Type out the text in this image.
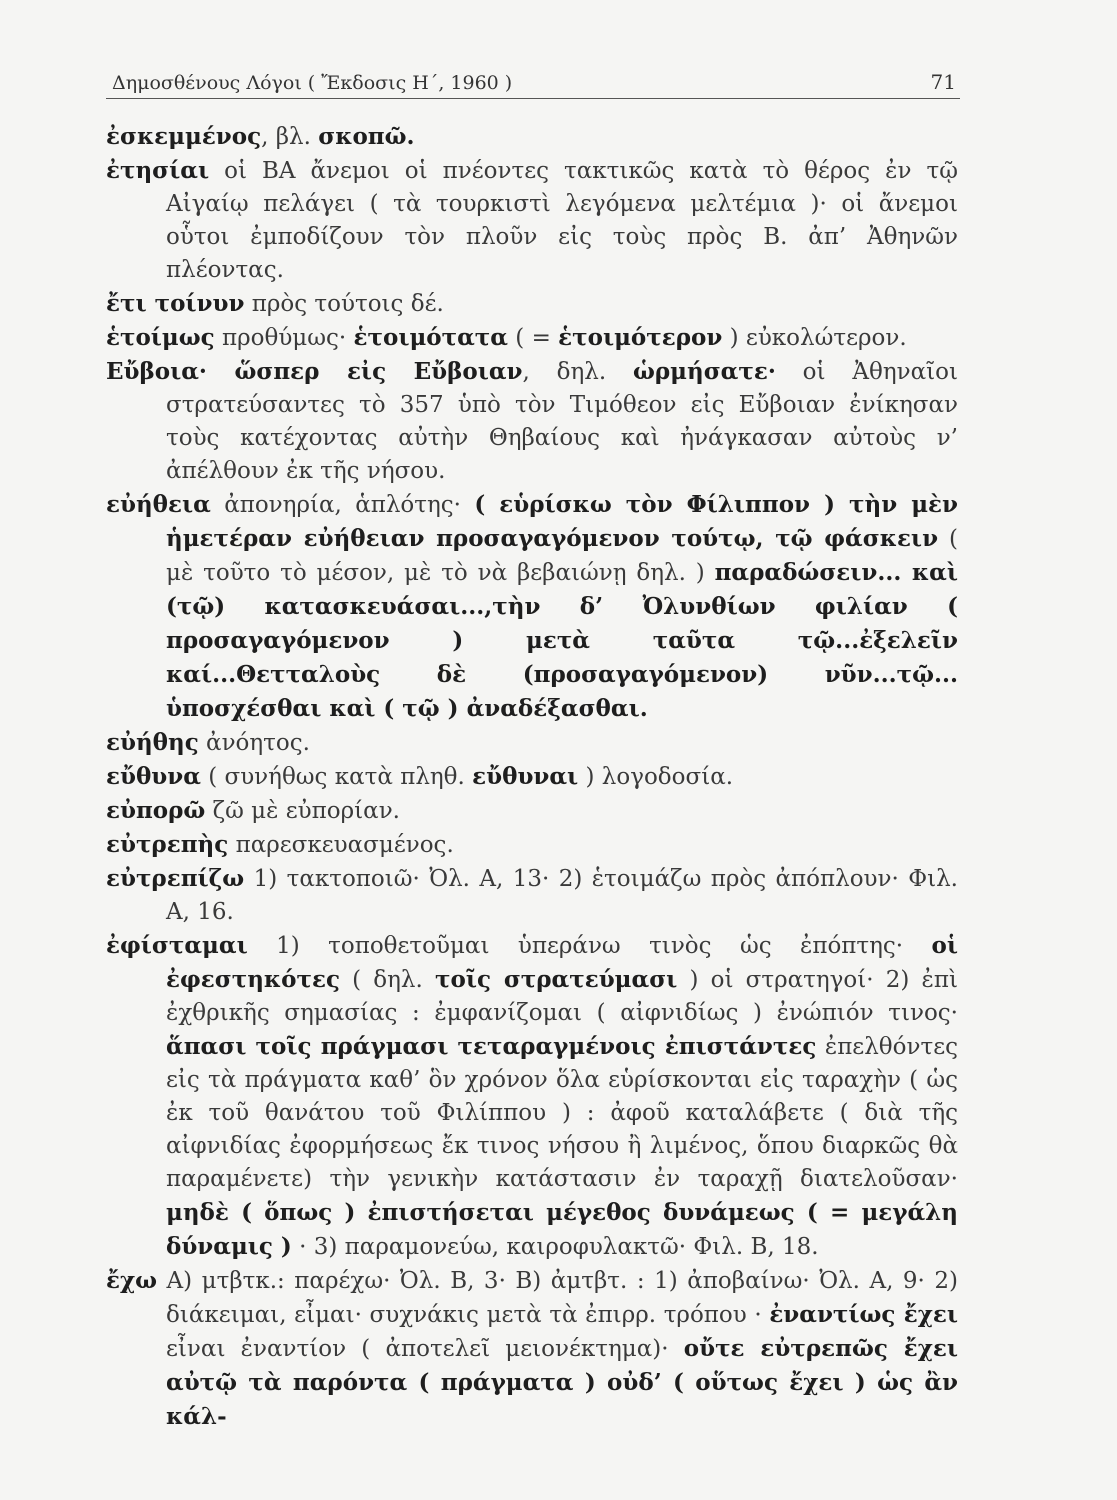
Δημοσθένους Λόγοι ( Ἔκδοσις Η΄, 1960 )	71
ἐσκεμμένος, βλ. σκοπῶ.
ἐτησίαι οἱ ΒΑ ἄνεμοι οἱ πνέοντες τακτικῶς κατὰ τὸ θέρος ἐν τῷ Αἰγαίῳ πελάγει ( τὰ τουρκιστὶ λεγόμενα μελτέμια )· οἱ ἄνεμοι οὗτοι ἐμποδίζουν τὸν πλοῦν εἰς τοὺς πρὸς Β. ἀπ’ Ἀθηνῶν πλέοντας.
ἔτι τοίνυν πρὸς τούτοις δέ.
ἑτοίμως προθύμως· ἑτοιμότατα ( = ἑτοιμότερον ) εὐκολώτερον.
Εὔβοια· ὥσπερ εἰς Εὔβοιαν, δηλ. ὡρμήσατε· οἱ Ἀθηναῖοι στρατεύσαντες τὸ 357 ὑπὸ τὸν Τιμόθεον εἰς Εὔβοιαν ἐνίκησαν τοὺς κατέχοντας αὐτὴν Θηβαίους καὶ ἠνάγκασαν αὐτοὺς ν’ ἀπέλθουν ἐκ τῆς νήσου.
εὐήθεια ἀπονηρία, ἁπλότης· ( εὑρίσκω τὸν Φίλιππον ) τὴν μὲν ἡμετέραν εὐήθειαν προσαγαγόμενον τούτῳ, τῷ φάσκειν ( μὲ τοῦτο τὸ μέσον, μὲ τὸ νὰ βεβαιώνῃ δηλ. ) παραδώσειν... καὶ (τῷ) κατασκευάσαι...,τὴν δ’ Ὀλυνθίων φιλίαν ( προσαγαγόμενον ) μετὰ ταῦτα τῷ...ἐξελεῖν καί...Θετταλοὺς δὲ (προσαγαγόμενον) νῦν...τῷ... ὑποσχέσθαι καὶ ( τῷ ) ἀναδέξασθαι.
εὐήθης ἀνόητος.
εὔθυνα ( συνήθως κατὰ πληθ. εὔθυναι ) λογοδοσία.
εὐπορῶ ζῶ μὲ εὐπορίαν.
εὐτρεπὴς παρεσκευασμένος.
εὐτρεπίζω 1) τακτοποιῶ· Ὀλ. Α, 13· 2) ἑτοιμάζω πρὸς ἀπόπλουν· Φιλ. Α, 16.
ἐφίσταμαι 1) τοποθετοῦμαι ὑπεράνω τινὸς ὡς ἐπόπτης· οἱ ἐφεστηκότες ( δηλ. τοῖς στρατεύμασι ) οἱ στρατηγοί· 2) ἐπὶ ἐχθρικῆς σημασίας : ἐμφανίζομαι ( αἰφνιδίως ) ἐνώπιόν τινος· ἅπασι τοῖς πράγμασι τεταραγμένοις ἐπιστάντες ἐπελθόντες εἰς τὰ πράγματα καθ’ ὃν χρόνον ὅλα εὑρίσκονται εἰς ταραχὴν ( ὡς ἐκ τοῦ θανάτου τοῦ Φιλίππου ) : ἀφοῦ καταλάβετε ( διὰ τῆς αἰφνιδίας ἐφορμήσεως ἔκ τινος νήσου ἢ λιμένος, ὅπου διαρκῶς θὰ παραμένετε) τὴν γενικὴν κατάστασιν ἐν ταραχῇ διατελοῦσαν· μηδὲ ( ὅπως ) ἐπιστήσεται μέγεθος δυνάμεως ( = μεγάλη δύναμις ) · 3) παραμονεύω, καιροφυλακτῶ· Φιλ. Β, 18.
ἔχω Α) μτβτκ.: παρέχω· Ὀλ. Β, 3· Β) ἀμτβτ. : 1) ἀποβαίνω· Ὀλ. Α, 9· 2) διάκειμαι, εἶμαι· συχνάκις μετὰ τὰ ἐπιρρ. τρόπου · ἐναντίως ἔχει εἶναι ἐναντίον ( ἀποτελεῖ μειονέκτημα)· οὔτε εὐτρεπῶς ἔχει αὐτῷ τὰ παρόντα ( πράγματα ) οὐδ’ ( οὕτως ἔχει ) ὡς ἂν κάλ-
